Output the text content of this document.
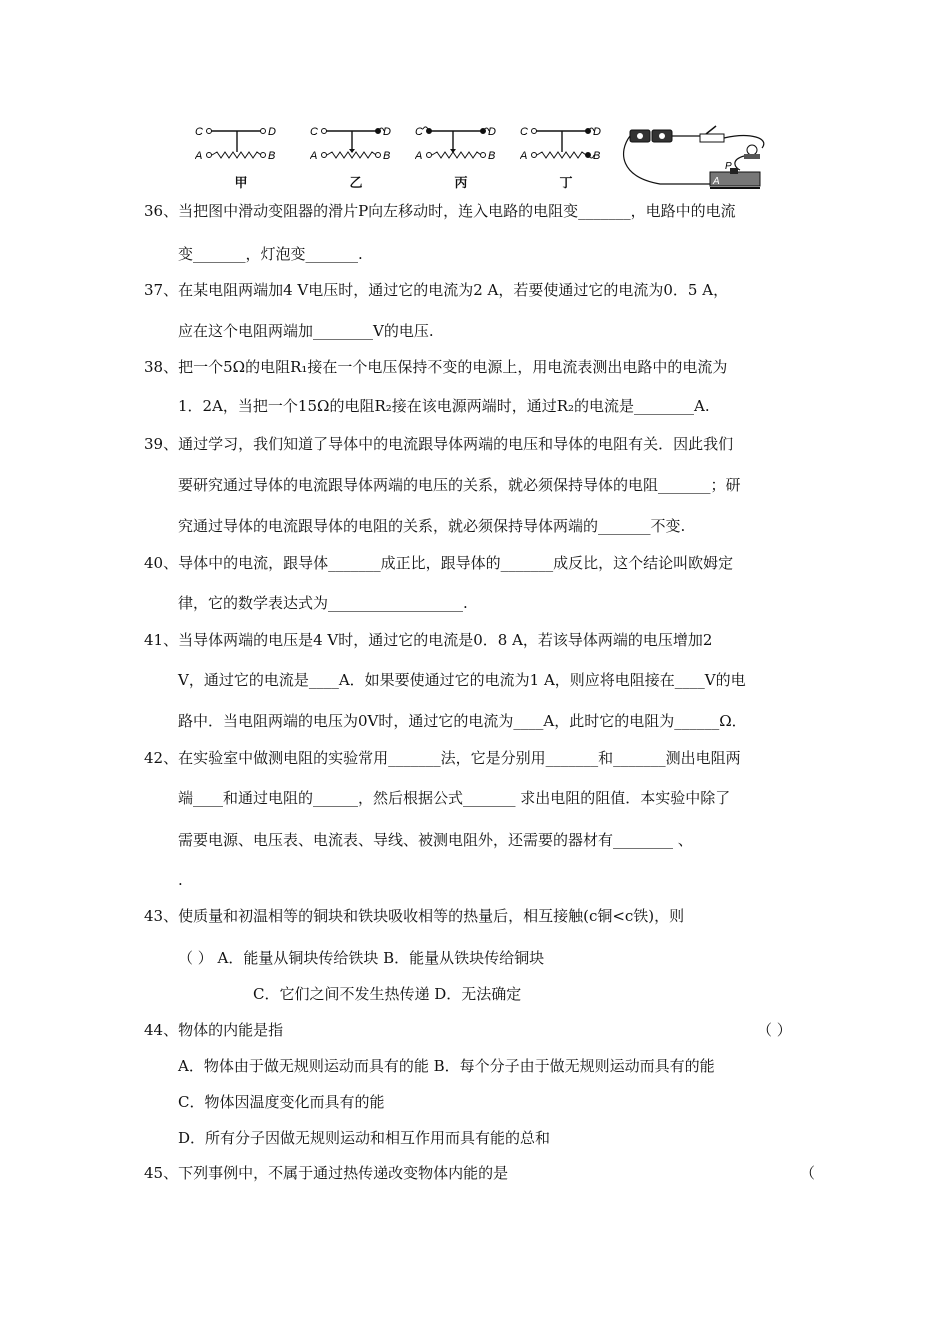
C	D
A	B
甲
C	D
A	B
乙
C	D
A	B
丙
C	D
A	B
丁
P
A
36、当把图中滑动变阻器的滑片P向左移动时，连入电路的电阻变_______，电路中的电流
变_______，灯泡变_______.
37、在某电阻两端加4 V电压时，通过它的电流为2 A，若要使通过它的电流为0．5 A，
应在这个电阻两端加________V的电压.
38、把一个5Ω的电阻R₁接在一个电压保持不变的电源上，用电流表测出电路中的电流为
1．2A，当把一个15Ω的电阻R₂接在该电源两端时，通过R₂的电流是________A.
39、通过学习，我们知道了导体中的电流跟导体两端的电压和导体的电阻有关．因此我们
要研究通过导体的电流跟导体两端的电压的关系，就必须保持导体的电阻_______；研
究通过导体的电流跟导体的电阻的关系，就必须保持导体两端的_______不变.
40、导体中的电流，跟导体_______成正比，跟导体的_______成反比，这个结论叫欧姆定
律，它的数学表达式为__________________.
41、当导体两端的电压是4 V时，通过它的电流是0．8 A，若该导体两端的电压增加2
V，通过它的电流是____A．如果要使通过它的电流为1 A，则应将电阻接在____V的电
路中．当电阻两端的电压为0V时，通过它的电流为____A，此时它的电阻为______Ω．
42、在实验室中做测电阻的实验常用_______法，它是分别用_______和_______测出电阻两
端____和通过电阻的______，然后根据公式_______ 求出电阻的阻值．本实验中除了
需要电源、电压表、电流表、导线、被测电阻外，还需要的器材有________ 、
.
43、使质量和初温相等的铜块和铁块吸收相等的热量后，相互接触(c铜<c铁)，则
（ ） A．能量从铜块传给铁块 B．能量从铁块传给铜块
C．它们之间不发生热传递 D．无法确定
44、物体的内能是指	（ ）
A．物体由于做无规则运动而具有的能 B．每个分子由于做无规则运动而具有的能
C．物体因温度变化而具有的能
D．所有分子因做无规则运动和相互作用而具有能的总和
45、下列事例中，不属于通过热传递改变物体内能的是	（
